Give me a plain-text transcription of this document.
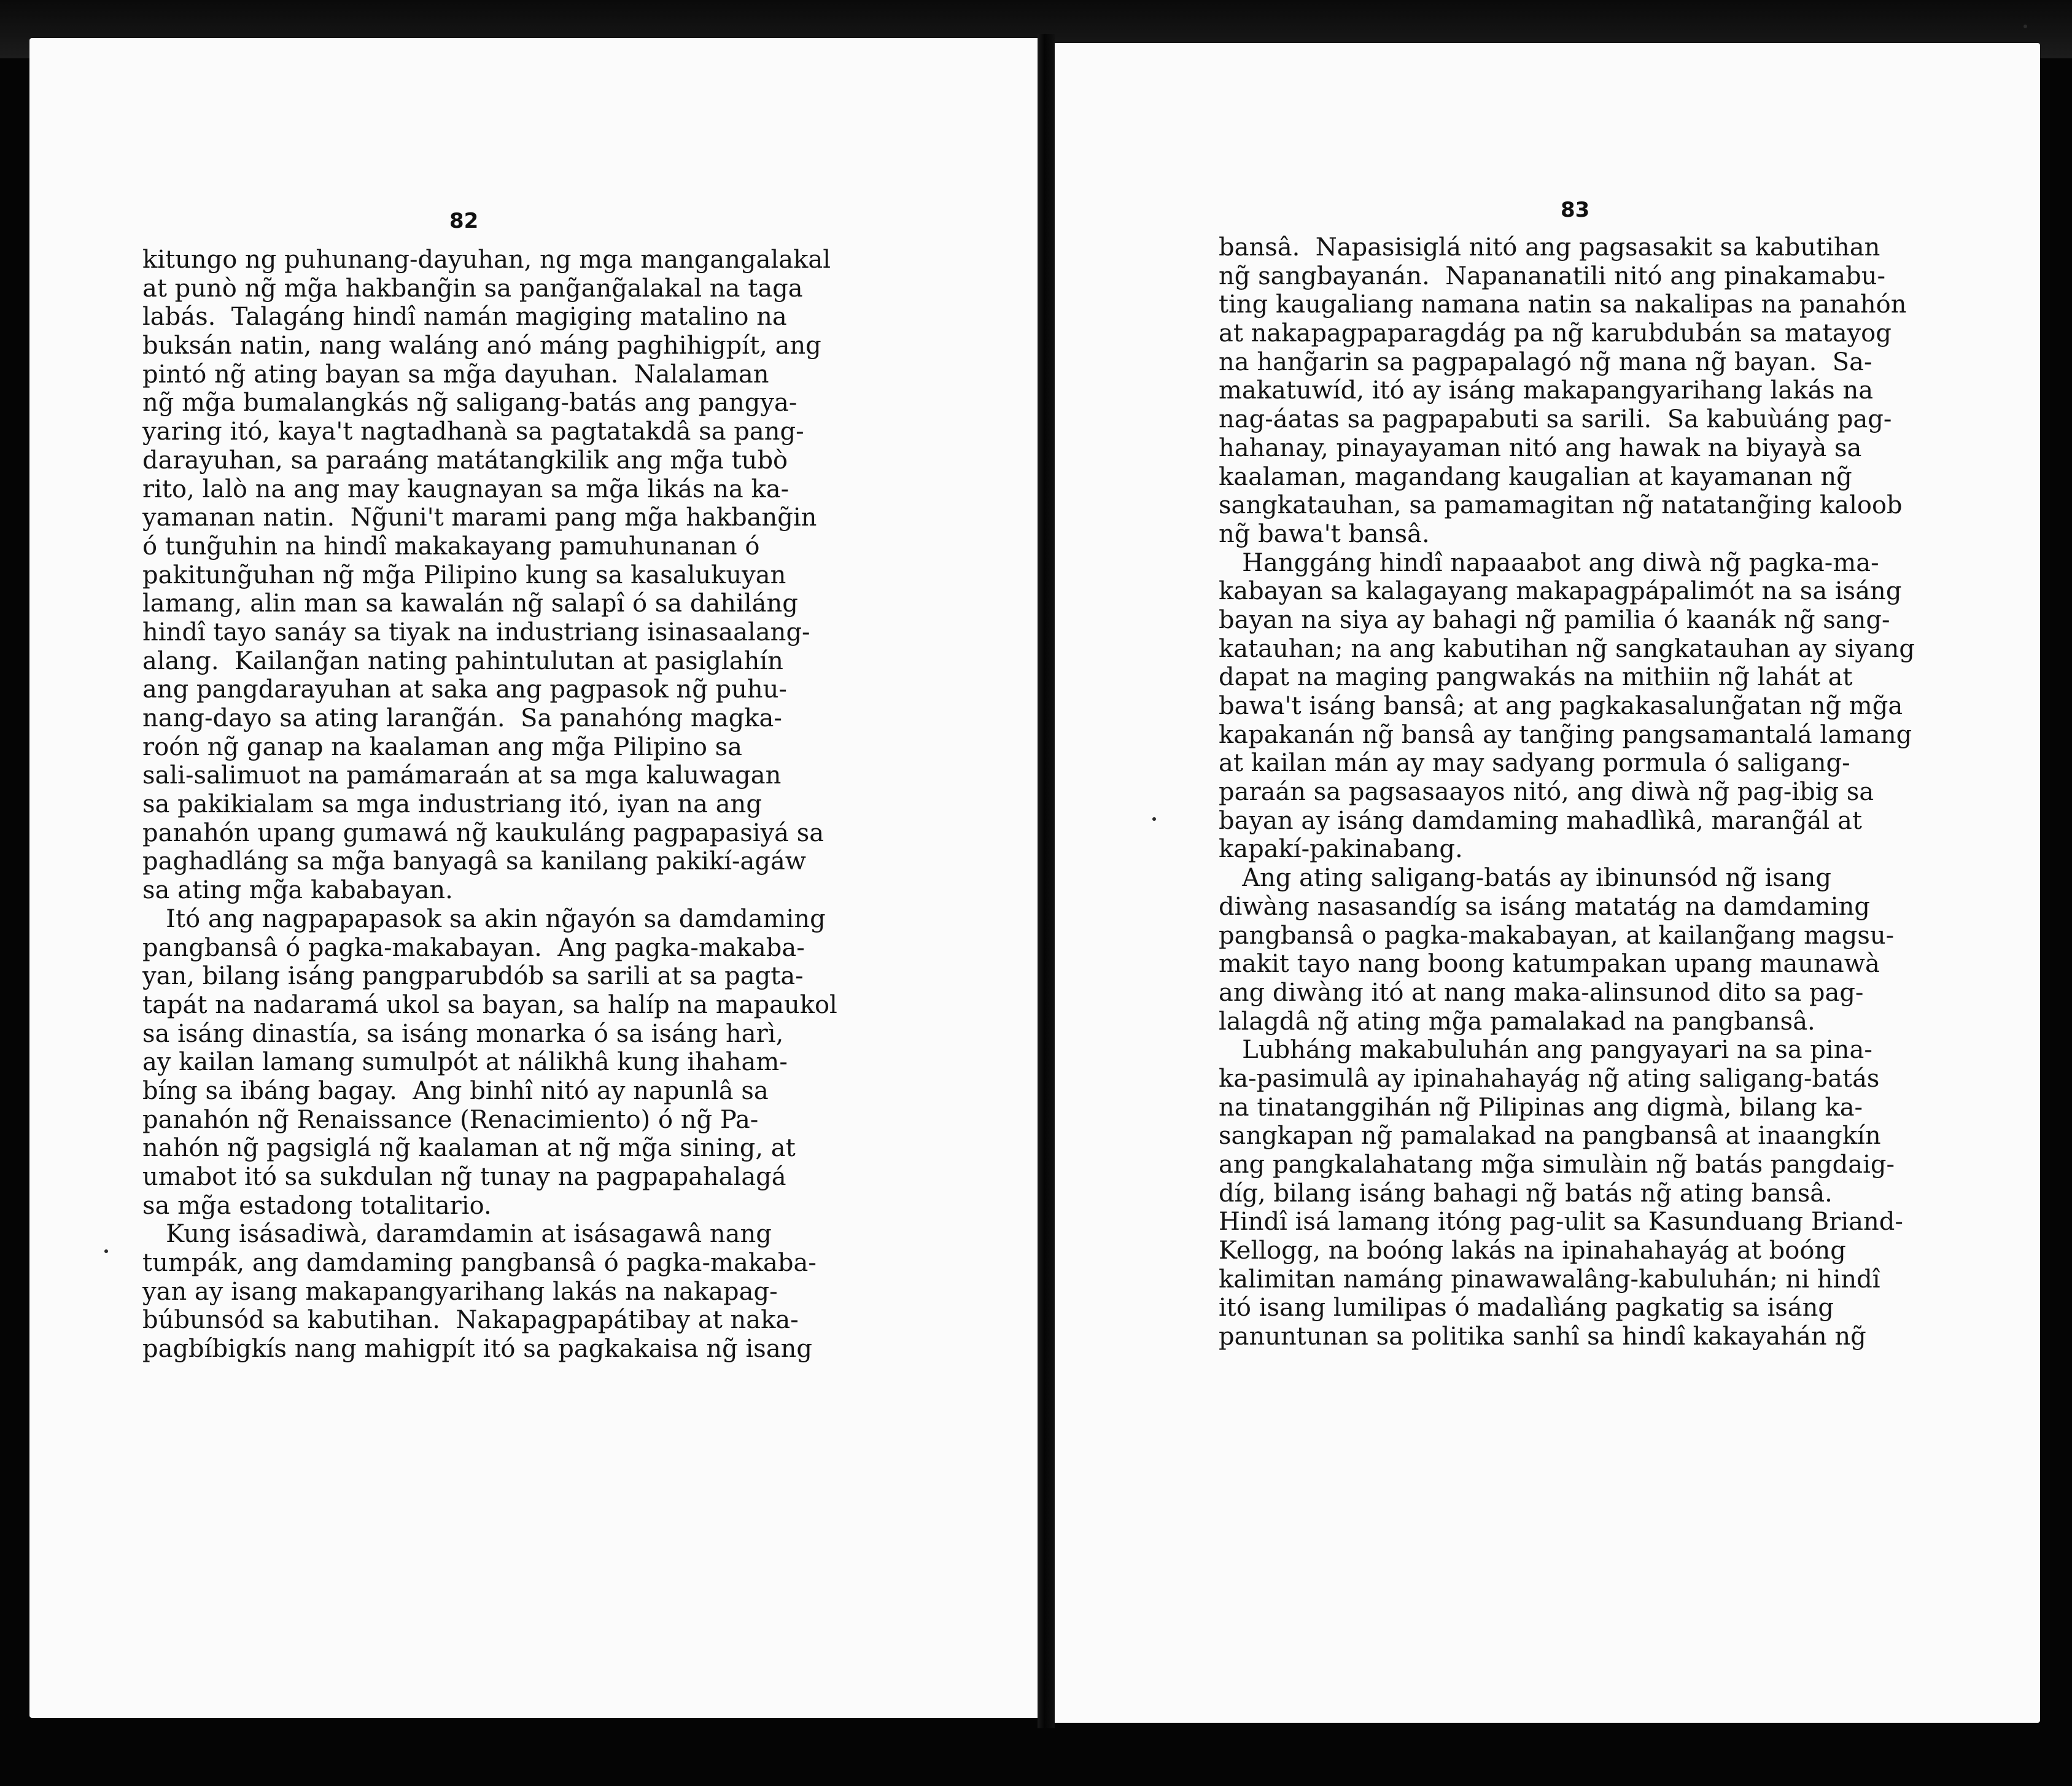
82	83

kitungo ng puhunang-dayuhan, ng mga mangangalakal
at punò ng̃ mg̃a hakbang̃in sa pang̃ang̃alakal na taga
labás.  Talagáng hindî namán magiging matalino na
buksán natin, nang waláng anó máng paghihigpít, ang
pintó ng̃ ating bayan sa mg̃a dayuhan.  Nalalaman
ng̃ mg̃a bumalangkás ng̃ saligang-batás ang pangya-
yaring itó, kaya't nagtadhanà sa pagtatakdâ sa pang-
darayuhan, sa paraáng matátangkilik ang mg̃a tubò
rito, lalò na ang may kaugnayan sa mg̃a likás na ka-
yamanan natin.  Ng̃uni't marami pang mg̃a hakbang̃in
ó tung̃uhin na hindî makakayang pamuhunanan ó
pakitung̃uhan ng̃ mg̃a Pilipino kung sa kasalukuyan
lamang, alin man sa kawalán ng̃ salapî ó sa dahiláng
hindî tayo sanáy sa tiyak na industriang isinasaalang-
alang.  Kailang̃an nating pahintulutan at pasiglahín
ang pangdarayuhan at saka ang pagpasok ng̃ puhu-
nang-dayo sa ating larang̃án.  Sa panahóng magka-
roón ng̃ ganap na kaalaman ang mg̃a Pilipino sa
sali-salimuot na pamámaraán at sa mga kaluwagan
sa pakikialam sa mga industriang itó, iyan na ang
panahón upang gumawá ng̃ kaukuláng pagpapasiyá sa
paghadláng sa mg̃a banyagâ sa kanilang pakikí-agáw
sa ating mg̃a kababayan.
Itó ang nagpapapasok sa akin ng̃ayón sa damdaming
pangbansâ ó pagka-makabayan.  Ang pagka-makaba-
yan, bilang isáng pangparubdób sa sarili at sa pagta-
tapát na nadaramá ukol sa bayan, sa halíp na mapaukol
sa isáng dinastía, sa isáng monarka ó sa isáng harì,
ay kailan lamang sumulpót at nálikhâ kung ihaham-
bíng sa ibáng bagay.  Ang binhî nitó ay napunlâ sa
panahón ng̃ Renaissance (Renacimiento) ó ng̃ Pa-
nahón ng̃ pagsiglá ng̃ kaalaman at ng̃ mg̃a sining, at
umabot itó sa sukdulan ng̃ tunay na pagpapahalagá
sa mg̃a estadong totalitario.
Kung isásadiwà, daramdamin at isásagawâ nang
tumpák, ang damdaming pangbansâ ó pagka-makaba-
yan ay isang makapangyarihang lakás na nakapag-
búbunsód sa kabutihan.  Nakapagpapátibay at naka-
pagbíbigkís nang mahigpít itó sa pagkakaisa ng̃ isang
bansâ.  Napasisiglá nitó ang pagsasakit sa kabutihan
ng̃ sangbayanán.  Napananatili nitó ang pinakamabu-
ting kaugaliang namana natin sa nakalipas na panahón
at nakapagpaparagdág pa ng̃ karubdubán sa matayog
na hang̃arin sa pagpapalagó ng̃ mana ng̃ bayan.  Sa-
makatuwíd, itó ay isáng makapangyarihang lakás na
nag-áatas sa pagpapabuti sa sarili.  Sa kabuùáng pag-
hahanay, pinayayaman nitó ang hawak na biyayà sa
kaalaman, magandang kaugalian at kayamanan ng̃
sangkatauhan, sa pamamagitan ng̃ natatang̃ing kaloob
ng̃ bawa't bansâ.
Hanggáng hindî napaaabot ang diwà ng̃ pagka-ma-
kabayan sa kalagayang makapagpápalimót na sa isáng
bayan na siya ay bahagi ng̃ pamilia ó kaanák ng̃ sang-
katauhan; na ang kabutihan ng̃ sangkatauhan ay siyang
dapat na maging pangwakás na mithiin ng̃ lahát at
bawa't isáng bansâ; at ang pagkakasalung̃atan ng̃ mg̃a
kapakanán ng̃ bansâ ay tang̃ing pangsamantalá lamang
at kailan mán ay may sadyang pormula ó saligang-
paraán sa pagsasaayos nitó, ang diwà ng̃ pag-ibig sa
bayan ay isáng damdaming mahadlìkâ, marang̃ál at
kapakí-pakinabang.
Ang ating saligang-batás ay ibinunsód ng̃ isang
diwàng nasasandíg sa isáng matatág na damdaming
pangbansâ o pagka-makabayan, at kailang̃ang magsu-
makit tayo nang boong katumpakan upang maunawà
ang diwàng itó at nang maka-alinsunod dito sa pag-
lalagdâ ng̃ ating mg̃a pamalakad na pangbansâ.
Lubháng makabuluhán ang pangyayari na sa pina-
ka-pasimulâ ay ipinahahayág ng̃ ating saligang-batás
na tinatanggihán ng̃ Pilipinas ang digmà, bilang ka-
sangkapan ng̃ pamalakad na pangbansâ at inaangkín
ang pangkalahatang mg̃a simulàin ng̃ batás pangdaig-
díg, bilang isáng bahagi ng̃ batás ng̃ ating bansâ.
Hindî isá lamang itóng pag-ulit sa Kasunduang Briand-
Kellogg, na boóng lakás na ipinahahayág at boóng
kalimitan namáng pinawawalâng-kabuluhán; ni hindî
itó isang lumilipas ó madalìáng pagkatig sa isáng
panuntunan sa politika sanhî sa hindî kakayahán ng̃
